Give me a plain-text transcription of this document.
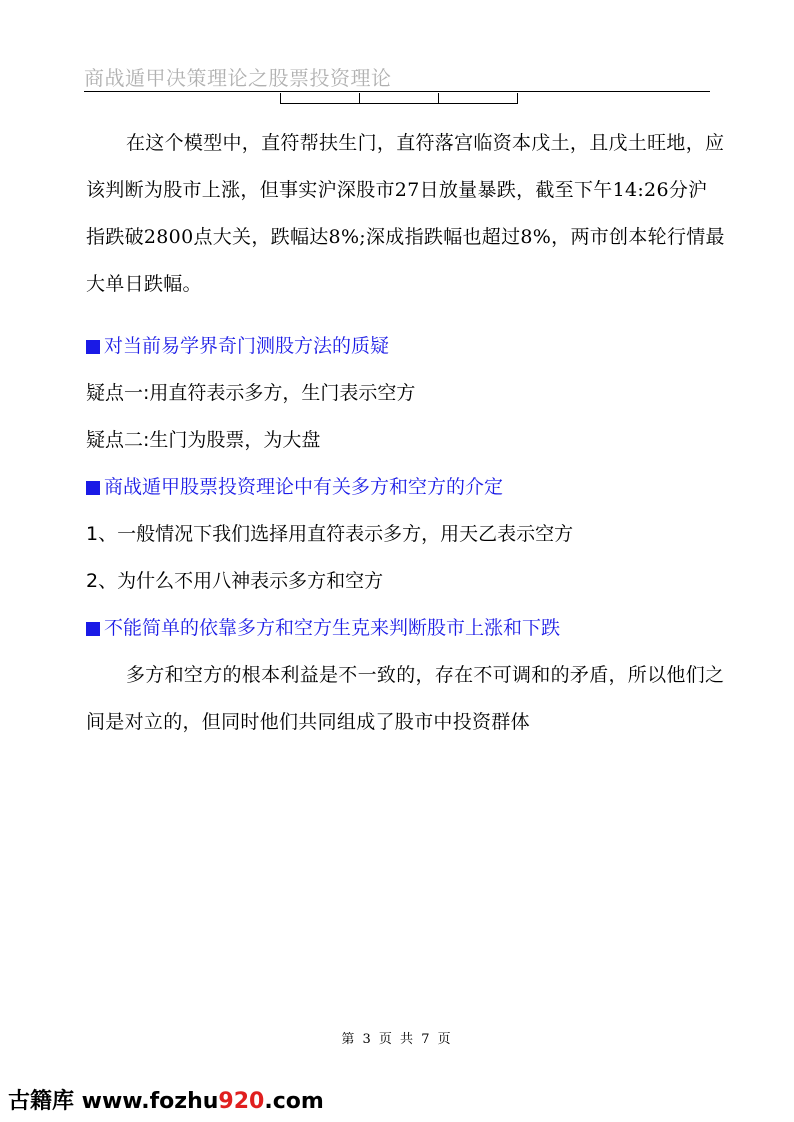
商战遁甲决策理论之股票投资理论

在这个模型中，直符帮扶生门，直符落宫临资本戊土，且戊土旺地，应该判断为股市上涨，但事实沪深股市27日放量暴跌，截至下午14:26分沪指跌破2800点大关，跌幅达8%;深成指跌幅也超过8%，两市创本轮行情最大单日跌幅。

对当前易学界奇门测股方法的质疑

疑点一:用直符表示多方，生门表示空方

疑点二:生门为股票，为大盘

商战遁甲股票投资理论中有关多方和空方的介定

1、一般情况下我们选择用直符表示多方，用天乙表示空方

2、为什么不用八神表示多方和空方

不能简单的依靠多方和空方生克来判断股市上涨和下跌

多方和空方的根本利益是不一致的，存在不可调和的矛盾，所以他们之间是对立的，但同时他们共同组成了股市中投资群体

第 3 页 共 7 页
古籍库 www.fozhu920.com
